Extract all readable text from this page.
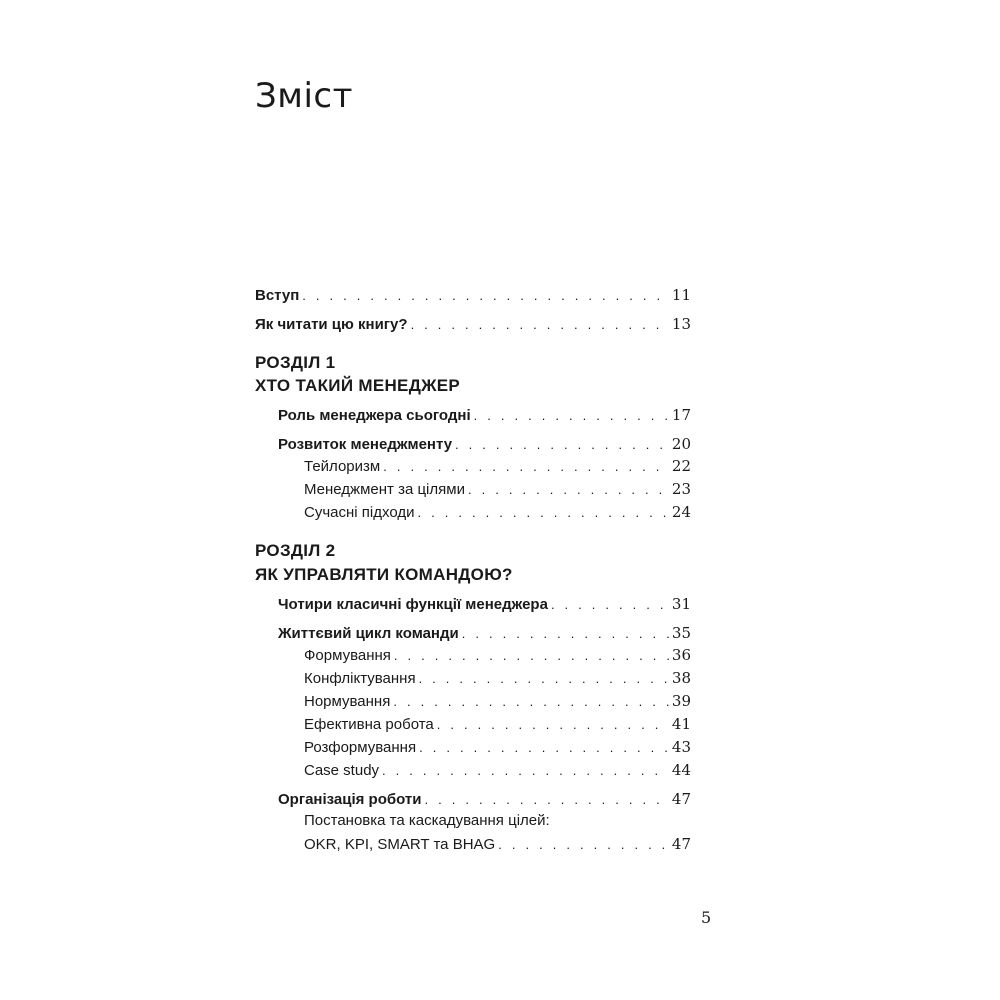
Зміст
Вступ . . .	11
Як читати цю книгу? . . .	13
РОЗДІЛ 1
ХТО ТАКИЙ МЕНЕДЖЕР
Роль менеджера сьогодні . . .	17
Розвиток менеджменту . . .	20
Тейлоризм . . .	22
Менеджмент за цілями . . .	23
Сучасні підходи . . .	24
РОЗДІЛ 2
ЯК УПРАВЛЯТИ КОМАНДОЮ?
Чотири класичні функції менеджера . . .	31
Життєвий цикл команди . . .	35
Формування . . .	36
Конфліктування . . .	38
Нормування . . .	39
Ефективна робота . . .	41
Розформування . . .	43
Case study . . .	44
Організація роботи . . .	47
Постановка та каскадування цілей:
OKR, KPI, SMART та BHAG . . .	47
5
